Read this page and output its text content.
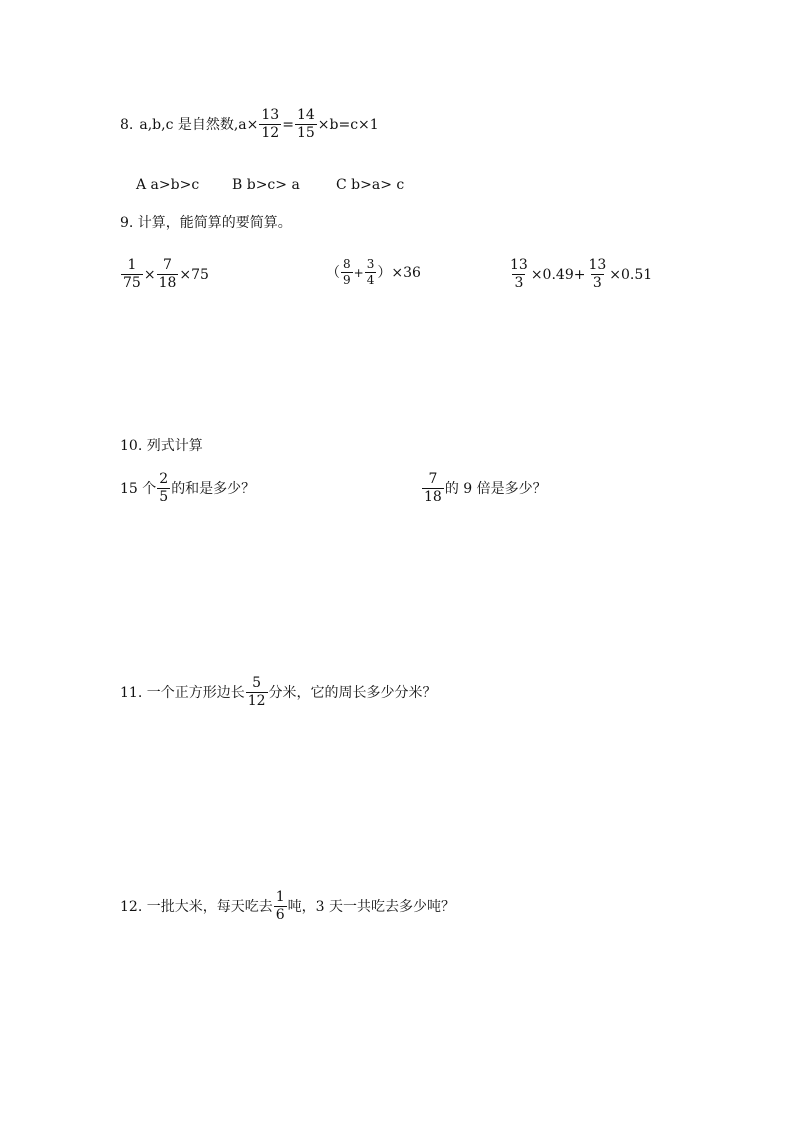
8. a,b,c 是自然数$,a\times \frac{13}{12} = \frac{14}{15} \times b=c\times 1$
A a>b>c B b>c> a	C b>a> c
9. 计算，能简算的要简算。
$\frac{1}{75} \times \frac{7}{18} \times 75$	（ $\frac{8}{9} + \frac{3}{4} )\times 36$	$\frac{13}{3} \times 0.49+ \frac{13}{3} \times 0.51$
10. 列式计算
15 个 $\frac{2}{5}$ 的和是多少？	$\frac{7}{18}$ 的 9 倍是多少？
11. 一个正方形边长 $\frac{5}{12}$ 分米，它的周长多少分米？
12. 一批大米，每天吃去 $\frac{1}{6}$ 吨，3 天一共吃去多少吨？
